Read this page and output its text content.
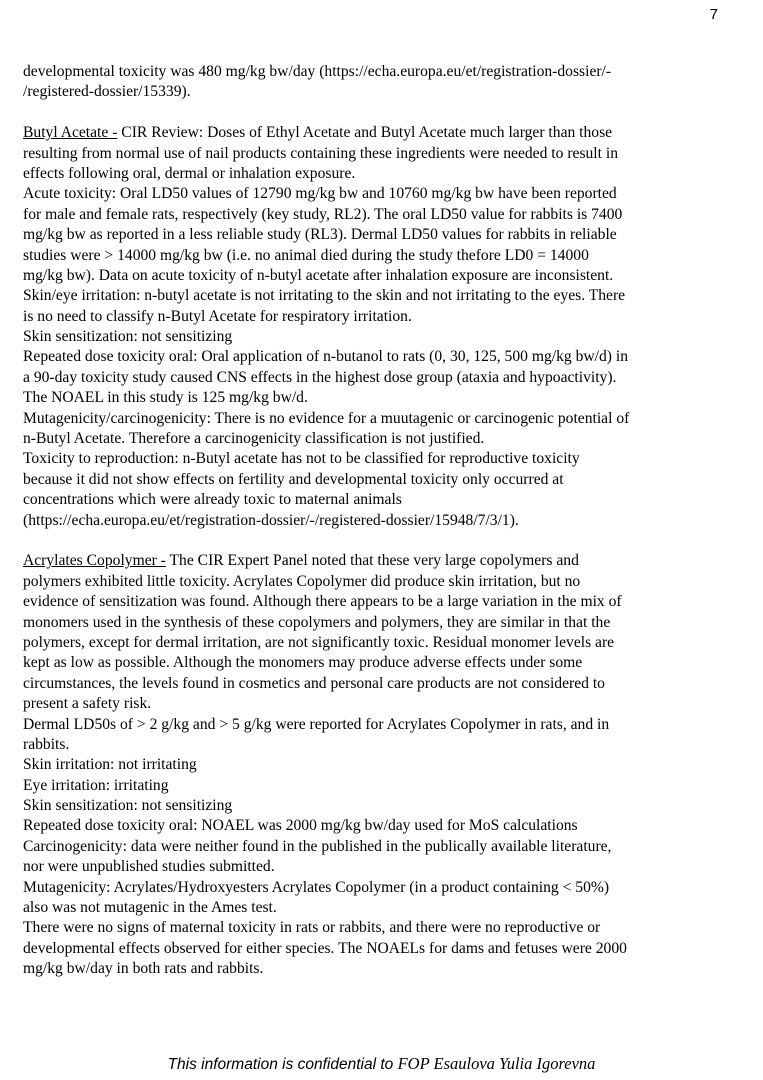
7
developmental toxicity was 480 mg/kg bw/day (https://echa.europa.eu/et/registration-dossier/-
/registered-dossier/15339).
Butyl Acetate - CIR Review: Doses of Ethyl Acetate and Butyl Acetate much larger than those
resulting from normal use of nail products containing these ingredients were needed to result in
effects following oral, dermal or inhalation exposure.
Acute toxicity: Oral LD50 values of 12790 mg/kg bw and 10760 mg/kg bw have been reported
for male and female rats, respectively (key study, RL2). The oral LD50 value for rabbits is 7400
mg/kg bw as reported in a less reliable study (RL3). Dermal LD50 values for rabbits in reliable
studies were > 14000 mg/kg bw (i.e. no animal died during the study thefore LD0 = 14000
mg/kg bw). Data on acute toxicity of n-butyl acetate after inhalation exposure are inconsistent.
Skin/eye irritation: n-butyl acetate is not irritating to the skin and not irritating to the eyes. There
is no need to classify n-Butyl Acetate for respiratory irritation.
Skin sensitization: not sensitizing
Repeated dose toxicity oral: Oral application of n-butanol to rats (0, 30, 125, 500 mg/kg bw/d) in
a 90-day toxicity study caused CNS effects in the highest dose group (ataxia and hypoactivity).
The NOAEL in this study is 125 mg/kg bw/d.
Mutagenicity/carcinogenicity: There is no evidence for a muutagenic or carcinogenic potential of
n-Butyl Acetate. Therefore a carcinogenicity classification is not justified.
Toxicity to reproduction: n-Butyl acetate has not to be classified for reproductive toxicity
because it did not show effects on fertility and developmental toxicity only occurred at
concentrations which were already toxic to maternal animals
(https://echa.europa.eu/et/registration-dossier/-/registered-dossier/15948/7/3/1).
Acrylates Copolymer - The CIR Expert Panel noted that these very large copolymers and
polymers exhibited little toxicity. Acrylates Copolymer did produce skin irritation, but no
evidence of sensitization was found. Although there appears to be a large variation in the mix of
monomers used in the synthesis of these copolymers and polymers, they are similar in that the
polymers, except for dermal irritation, are not significantly toxic. Residual monomer levels are
kept as low as possible. Although the monomers may produce adverse effects under some
circumstances, the levels found in cosmetics and personal care products are not considered to
present a safety risk.
Dermal LD50s of > 2 g/kg and > 5 g/kg were reported for Acrylates Copolymer in rats, and in
rabbits.
Skin irritation: not irritating
Eye irritation: irritating
Skin sensitization: not sensitizing
Repeated dose toxicity oral: NOAEL was 2000 mg/kg bw/day used for MoS calculations
Carcinogenicity: data were neither found in the published in the publically available literature,
nor were unpublished studies submitted.
Mutagenicity: Acrylates/Hydroxyesters Acrylates Copolymer (in a product containing < 50%)
also was not mutagenic in the Ames test.
There were no signs of maternal toxicity in rats or rabbits, and there were no reproductive or
developmental effects observed for either species. The NOAELs for dams and fetuses were 2000
mg/kg bw/day in both rats and rabbits.
This information is confidential to FOP Esaulova Yulia Igorevna
